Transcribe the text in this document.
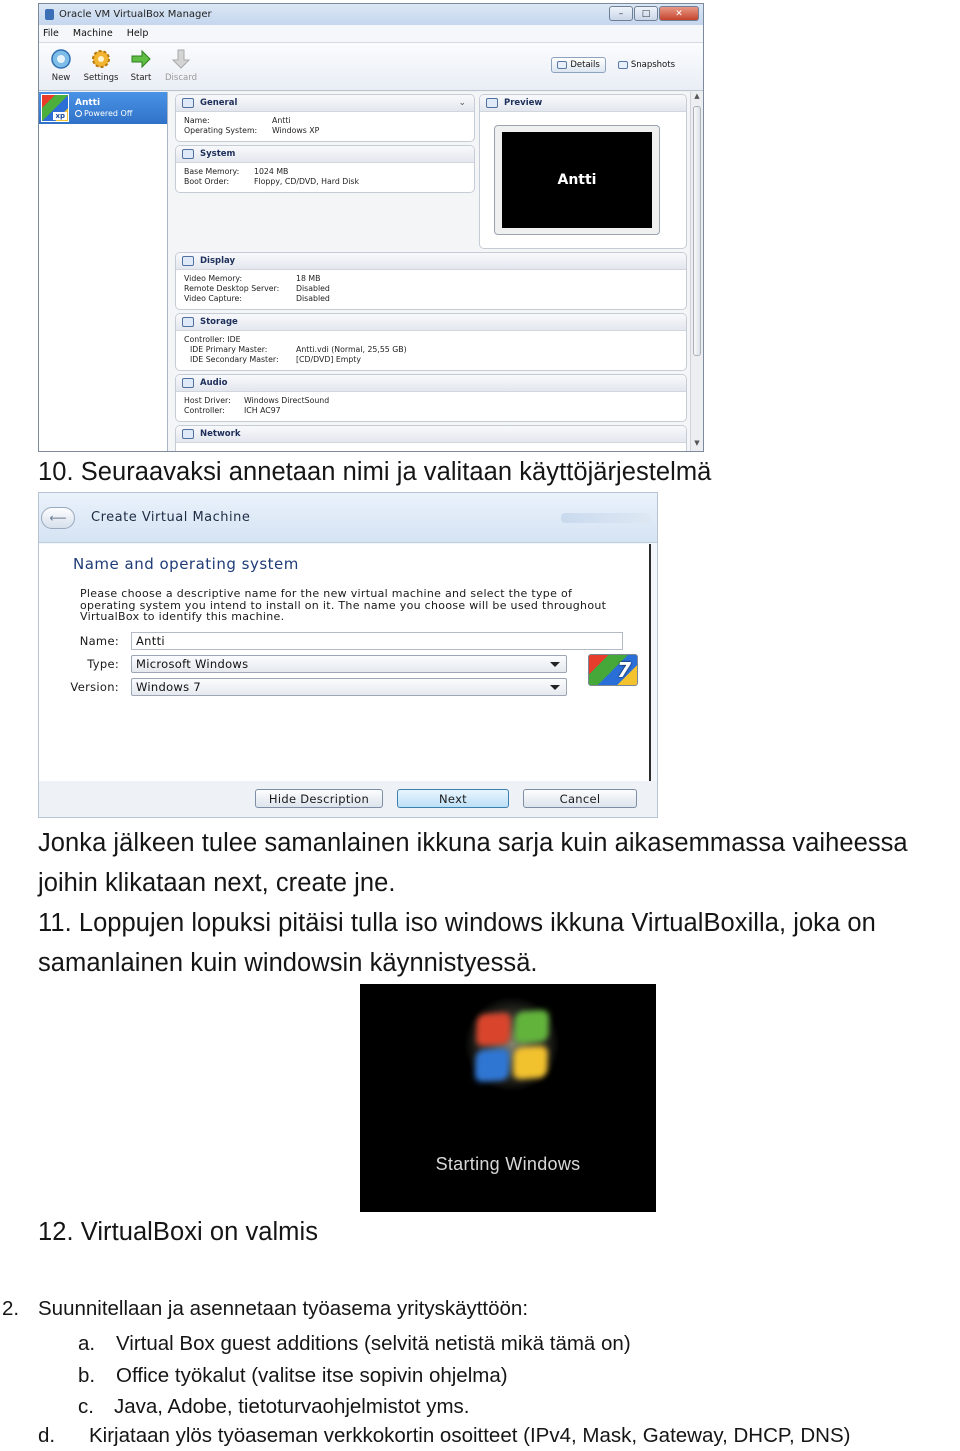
Oracle VM VirtualBox Manager	–	□	✕
File Machine Help
New Settings Start Discard
Details	Snapshots
xp
Antti
Powered Off
General	⌄
Name:	Antti
Operating System:	Windows XP
System
Base Memory:	1024 MB
Boot Order:	Floppy, CD/DVD, Hard Disk
Preview
Antti
Display
Video Memory:	18 MB
Remote Desktop Server:	Disabled
Video Capture:	Disabled
Storage
Controller: IDE
IDE Primary Master:	Antti.vdi (Normal, 25,55 GB)
IDE Secondary Master:	[CD/DVD] Empty
Audio
Host Driver:	Windows DirectSound
Controller:	ICH AC97
Network
▲
▼
10. Seuraavaksi annetaan nimi ja valitaan käyttöjärjestelmä
⟵	Create Virtual Machine
Name and operating system
Please choose a descriptive name for the new virtual machine and select the type of operating system you intend to install on it. The name you choose will be used throughout VirtualBox to identify this machine.
Name:	Antti
Type:	Microsoft Windows
Version:	Windows 7
7
Hide Description	Next	Cancel
Jonka jälkeen tulee samanlainen ikkuna sarja kuin aikasemmassa vaiheessa
joihin klikataan next, create jne.
11. Loppujen lopuksi pitäisi tulla iso windows ikkuna VirtualBoxilla, joka on
samanlainen kuin windowsin käynnistyessä.
Starting Windows
12. VirtualBoxi on valmis
2. Suunnitellaan ja asennetaan työasema yrityskäyttöön:
a. Virtual Box guest additions (selvitä netistä mikä tämä on)
b. Office työkalut (valitse itse sopivin ohjelma)
c. Java, Adobe, tietoturvaohjelmistot yms.
d. Kirjataan ylös työaseman verkkokortin osoitteet (IPv4, Mask, Gateway, DHCP, DNS)
